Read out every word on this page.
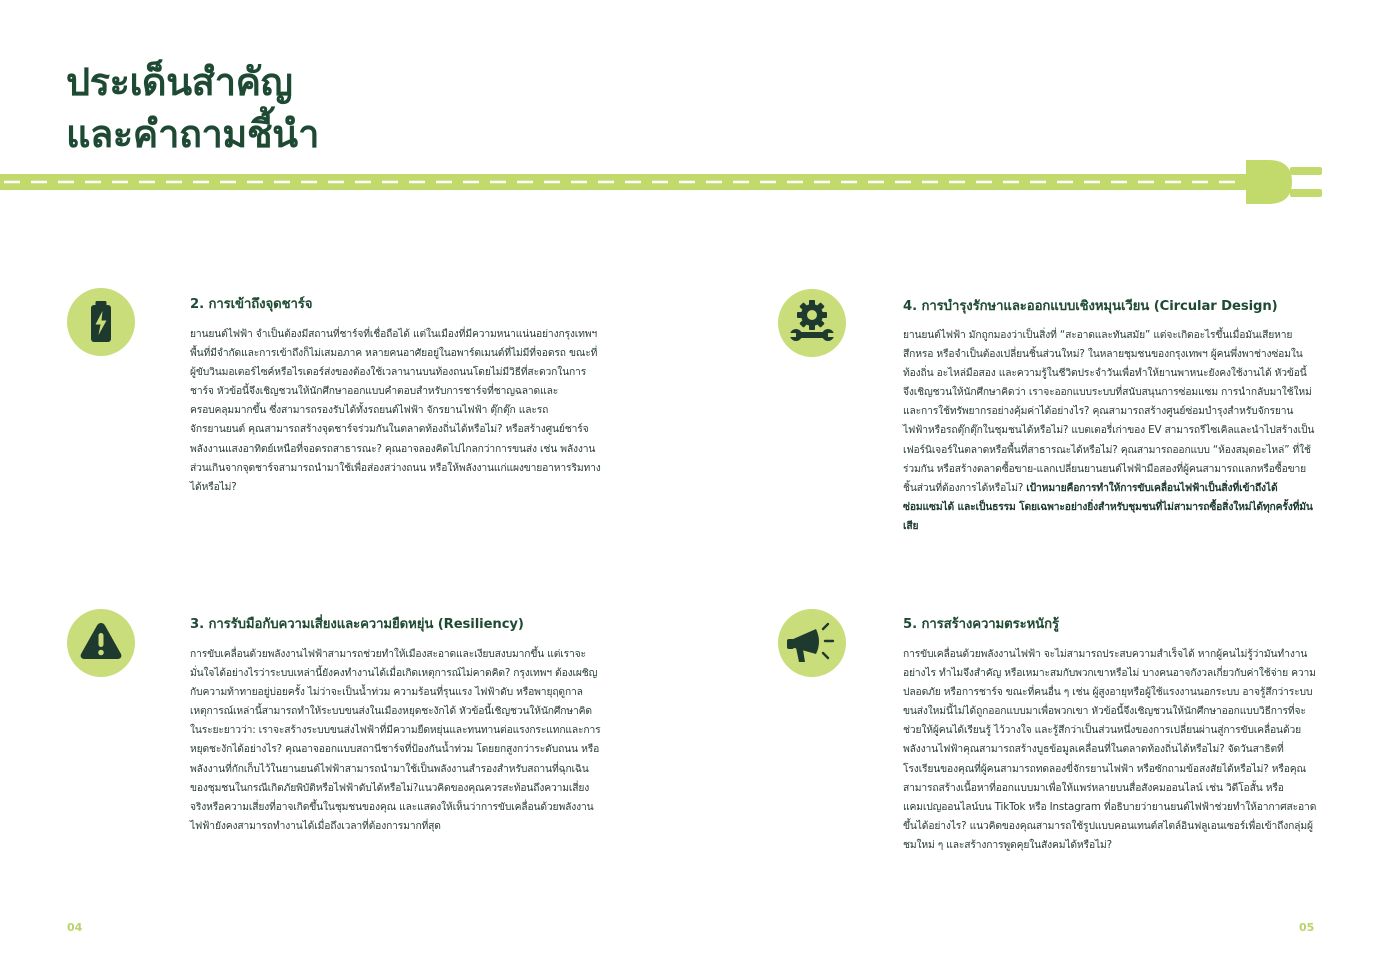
ประเด็นสำคัญ
และคำถามชี้นำ
2. การเข้าถึงจุดชาร์จ

ยานยนต์ไฟฟ้า จำเป็นต้องมีสถานที่ชาร์จที่เชื่อถือได้ แต่ในเมืองที่มีความหนาแน่นอย่างกรุงเทพฯ พื้นที่มีจำกัดและการเข้าถึงก็ไม่เสมอภาค หลายคนอาศัยอยู่ในอพาร์ตเมนต์ที่ไม่มีที่จอดรถ ขณะที่ผู้ขับวินมอเตอร์ไซค์หรือไรเดอร์ส่งของต้องใช้เวลานานบนท้องถนนโดยไม่มีวิธีที่สะดวกในการชาร์จ หัวข้อนี้จึงเชิญชวนให้นักศึกษาออกแบบคำตอบสำหรับการชาร์จที่ชาญฉลาดและครอบคลุมมากขึ้น ซึ่งสามารถรองรับได้ทั้งรถยนต์ไฟฟ้า จักรยานไฟฟ้า ตุ๊กตุ๊ก และรถจักรยานยนต์ คุณสามารถสร้างจุดชาร์จร่วมกันในตลาดท้องถิ่นได้หรือไม่? หรือสร้างศูนย์ชาร์จพลังงานแสงอาทิตย์เหนือที่จอดรถสาธารณะ? คุณอาจลองคิดไปไกลกว่าการขนส่ง เช่น พลังงานส่วนเกินจากจุดชาร์จสามารถนำมาใช้เพื่อส่องสว่างถนน หรือให้พลังงานแก่แผงขายอาหารริมทางได้หรือไม่?

3. การรับมือกับความเสี่ยงและความยืดหยุ่น (Resiliency)

การขับเคลื่อนด้วยพลังงานไฟฟ้าสามารถช่วยทำให้เมืองสะอาดและเงียบสงบมากขึ้น แต่เราจะมั่นใจได้อย่างไรว่าระบบเหล่านี้ยังคงทำงานได้เมื่อเกิดเหตุการณ์ไม่คาดคิด? กรุงเทพฯ ต้องเผชิญกับความท้าทายอยู่บ่อยครั้ง ไม่ว่าจะเป็นน้ำท่วม ความร้อนที่รุนแรง ไฟฟ้าดับ หรือพายุฤดูกาล เหตุการณ์เหล่านี้สามารถทำให้ระบบขนส่งในเมืองหยุดชะงักได้ หัวข้อนี้เชิญชวนให้นักศึกษาคิดในระยะยาวว่า: เราจะสร้างระบบขนส่งไฟฟ้าที่มีความยืดหยุ่นและทนทานต่อแรงกระแทกและการหยุดชะงักได้อย่างไร? คุณอาจออกแบบสถานีชาร์จที่ป้องกันน้ำท่วม โดยยกสูงกว่าระดับถนน หรือพลังงานที่กักเก็บไว้ในยานยนต์ไฟฟ้าสามารถนำมาใช้เป็นพลังงานสำรองสำหรับสถานที่ฉุกเฉินของชุมชนในกรณีเกิดภัยพิบัติหรือไฟฟ้าดับได้หรือไม่?แนวคิดของคุณควรสะท้อนถึงความเสี่ยงจริงหรือความเสี่ยงที่อาจเกิดขึ้นในชุมชนของคุณ และแสดงให้เห็นว่าการขับเคลื่อนด้วยพลังงานไฟฟ้ายังคงสามารถทำงานได้เมื่อถึงเวลาที่ต้องการมากที่สุด

4. การบำรุงรักษาและออกแบบเชิงหมุนเวียน (Circular Design)

ยานยนต์ไฟฟ้า มักถูกมองว่าเป็นสิ่งที่ “สะอาดและทันสมัย” แต่จะเกิดอะไรขึ้นเมื่อมันเสียหาย สึกหรอ หรือจำเป็นต้องเปลี่ยนชิ้นส่วนใหม่? ในหลายชุมชนของกรุงเทพฯ ผู้คนพึ่งพาช่างซ่อมในท้องถิ่น อะไหล่มือสอง และความรู้ในชีวิตประจำวันเพื่อทำให้ยานพาหนะยังคงใช้งานได้ หัวข้อนี้จึงเชิญชวนให้นักศึกษาคิดว่า เราจะออกแบบระบบที่สนับสนุนการซ่อมแซม การนำกลับมาใช้ใหม่ และการใช้ทรัพยากรอย่างคุ้มค่าได้อย่างไร? คุณสามารถสร้างศูนย์ซ่อมบำรุงสำหรับจักรยานไฟฟ้าหรือรถตุ๊กตุ๊กในชุมชนได้หรือไม่? แบตเตอรี่เก่าของ EV สามารถรีไซเคิลและนำไปสร้างเป็นเฟอร์นิเจอร์ในตลาดหรือพื้นที่สาธารณะได้หรือไม่? คุณสามารถออกแบบ “ห้องสมุดอะไหล่” ที่ใช้ร่วมกัน หรือสร้างตลาดซื้อขาย-แลกเปลี่ยนยานยนต์ไฟฟ้ามือสองที่ผู้คนสามารถแลกหรือซื้อขายชิ้นส่วนที่ต้องการได้หรือไม่? เป้าหมายคือการทำให้การขับเคลื่อนไฟฟ้าเป็นสิ่งที่เข้าถึงได้ ซ่อมแซมได้ และเป็นธรรม โดยเฉพาะอย่างยิ่งสำหรับชุมชนที่ไม่สามารถซื้อสิ่งใหม่ได้ทุกครั้งที่มันเสีย

5. การสร้างความตระหนักรู้

การขับเคลื่อนด้วยพลังงานไฟฟ้า จะไม่สามารถประสบความสำเร็จได้ หากผู้คนไม่รู้ว่ามันทำงานอย่างไร ทำไมจึงสำคัญ หรือเหมาะสมกับพวกเขาหรือไม่ บางคนอาจกังวลเกี่ยวกับค่าใช้จ่าย ความปลอดภัย หรือการชาร์จ ขณะที่คนอื่น ๆ เช่น ผู้สูงอายุหรือผู้ใช้แรงงานนอกระบบ อาจรู้สึกว่าระบบขนส่งใหม่นี้ไม่ได้ถูกออกแบบมาเพื่อพวกเขา หัวข้อนี้จึงเชิญชวนให้นักศึกษาออกแบบวิธีการที่จะช่วยให้ผู้คนได้เรียนรู้ ไว้วางใจ และรู้สึกว่าเป็นส่วนหนึ่งของการเปลี่ยนผ่านสู่การขับเคลื่อนด้วยพลังงานไฟฟ้าคุณสามารถสร้างบูธข้อมูลเคลื่อนที่ในตลาดท้องถิ่นได้หรือไม่? จัดวันสาธิตที่โรงเรียนของคุณที่ผู้คนสามารถทดลองขี่จักรยานไฟฟ้า หรือซักถามข้อสงสัยได้หรือไม่? หรือคุณสามารถสร้างเนื้อหาที่ออกแบบมาเพื่อให้แพร่หลายบนสื่อสังคมออนไลน์ เช่น วิดีโอสั้น หรือแคมเปญออนไลน์บน TikTok หรือ Instagram ที่อธิบายว่ายานยนต์ไฟฟ้าช่วยทำให้อากาศสะอาดขึ้นได้อย่างไร? แนวคิดของคุณสามารถใช้รูปแบบคอนเทนต์สไตล์อินฟลูเอนเซอร์เพื่อเข้าถึงกลุ่มผู้ชมใหม่ ๆ และสร้างการพูดคุยในสังคมได้หรือไม่?

04	05
